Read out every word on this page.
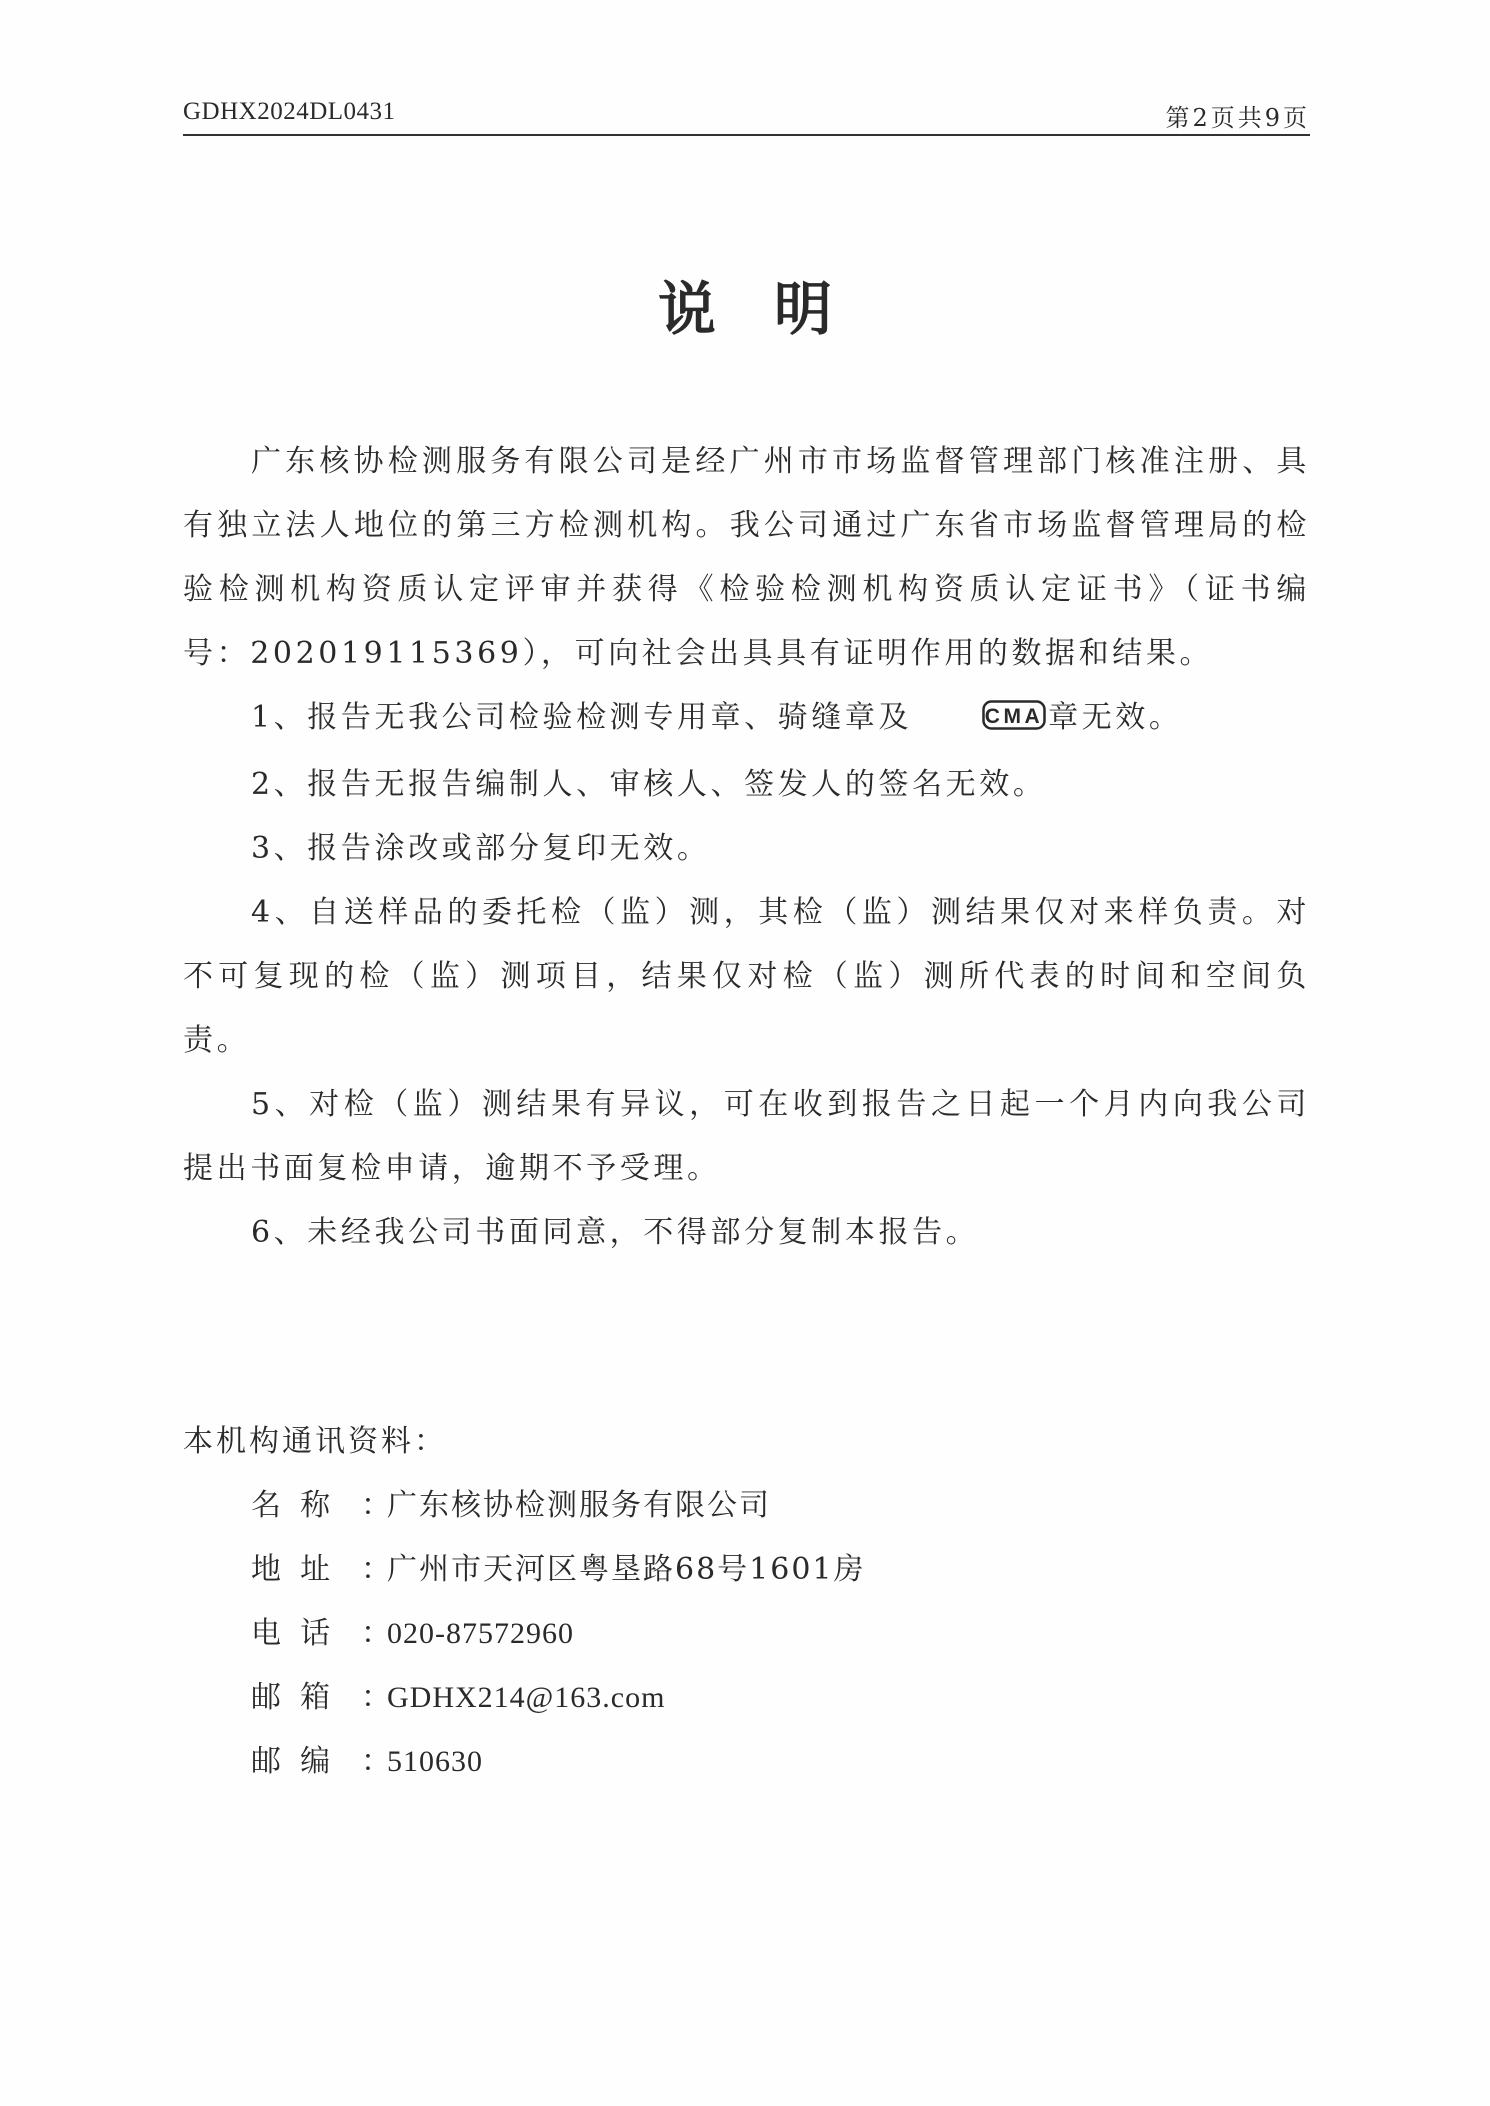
GDHX2024DL0431	第2页共9页
说明

广东核协检测服务有限公司是经广州市市场监督管理部门核准注册、具有独立法人地位的第三方检测机构。我公司通过广东省市场监督管理局的检验检测机构资质认定评审并获得《检验检测机构资质认定证书》（证书编号：202019115369），可向社会出具具有证明作用的数据和结果。

1、报告无我公司检验检测专用章、骑缝章及	CMA 章无效。

2、报告无报告编制人、审核人、签发人的签名无效。

3、报告涂改或部分复印无效。

4、自送样品的委托检（监）测，其检（监）测结果仅对来样负责。对不可复现的检（监）测项目，结果仅对检（监）测所代表的时间和空间负责。

5、对检（监）测结果有异议，可在收到报告之日起一个月内向我公司提出书面复检申请，逾期不予受理。

6、未经我公司书面同意，不得部分复制本报告。

本机构通讯资料：

名  称	：
广东核协检测服务有限公司

地  址	：
广州市天河区粤垦路68号1601房

电  话	：
020-87572960

邮  箱	：
GDHX214@163.com

邮  编	：
510630
